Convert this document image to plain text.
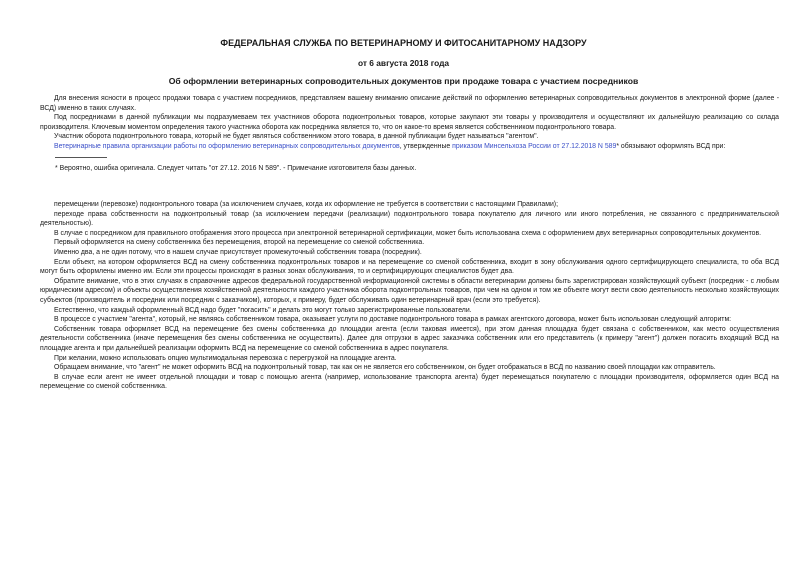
ФЕДЕРАЛЬНАЯ СЛУЖБА ПО ВЕТЕРИНАРНОМУ И ФИТОСАНИТАРНОМУ НАДЗОРУ
от 6 августа 2018 года
Об оформлении ветеринарных сопроводительных документов при продаже товара с участием посредников

Для внесения ясности в процесс продажи товара с участием посредников, представляем вашему вниманию описание действий по оформлению ветеринарных сопроводительных документов в электронной форме (далее - ВСД) именно в таких случаях.

Под посредниками в данной публикации мы подразумеваем тех участников оборота подконтрольных товаров, которые закупают эти товары у производителя и осуществляют их дальнейшую реализацию со склада производителя. Ключевым моментом определения такого участника оборота как посредника является то, что он какое-то время является собственником подконтрольного товара.

Участник оборота подконтрольного товара, который не будет являться собственником этого товара, в данной публикации будет называться "агентом".

Ветеринарные правила организации работы по оформлению ветеринарных сопроводительных документов, утвержденные приказом Минсельхоза России от 27.12.2018 N 589* обязывают оформлять ВСД при:

* Вероятно, ошибка оригинала. Следует читать "от 27.12. 2016 N 589". - Примечание изготовителя базы данных.

перемещении (перевозке) подконтрольного товара (за исключением случаев, когда их оформление не требуется в соответствии с настоящими Правилами);

переходе права собственности на подконтрольный товар (за исключением передачи (реализации) подконтрольного товара покупателю для личного или иного потребления, не связанного с предпринимательской деятельностью).

В случае с посредником для правильного отображения этого процесса при электронной ветеринарной сертификации, может быть использована схема с оформлением двух ветеринарных сопроводительных документов.

Первый оформляется на смену собственника без перемещения, второй на перемещение со сменой собственника.

Именно два, а не один потому, что в нашем случае присутствует промежуточный собственник товара (посредник).

Если объект, на котором оформляется ВСД на смену собственника подконтрольных товаров и на перемещение со сменой собственника, входит в зону обслуживания одного сертифицирующего специалиста, то оба ВСД могут быть оформлены именно им. Если эти процессы происходят в разных зонах обслуживания, то и сертифицирующих специалистов будет два.

Обратите внимание, что в этих случаях в справочнике адресов федеральной государственной информационной системы в области ветеринарии должны быть зарегистрирован хозяйствующий субъект (посредник - с любым юридическим адресом) и объекты осуществления хозяйственной деятельности каждого участника оборота подконтрольных товаров, при чем на одном и том же объекте могут вести свою деятельность несколько хозяйствующих субъектов (производитель и посредник или посредник с заказчиком), которых, к примеру, будет обслуживать один ветеринарный врач (если это требуется).

Естественно, что каждый оформленный ВСД надо будет "погасить" и делать это могут только зарегистрированные пользователи.

В процессе с участием "агента", который, не являясь собственником товара, оказывает услуги по доставке подконтрольного товара в рамках агентского договора, может быть использован следующий алгоритм:

Собственник товара оформляет ВСД на перемещение без смены собственника до площадки агента (если таковая имеется), при этом данная площадка будет связана с собственником, как место осуществления деятельности собственника (иначе перемещения без смены собственника не осуществить). Далее для отгрузки в адрес заказчика собственник или его представитель (к примеру "агент") должен погасить входящий ВСД на площадке агента и при дальнейшей реализации оформить ВСД на перемещение со сменой собственника в адрес покупателя.

При желании, можно использовать опцию мультимодальная перевозка с перегрузкой на площадке агента.

Обращаем внимание, что "агент" не может оформить ВСД на подконтрольный товар, так как он не является его собственником, он будет отображаться в ВСД по названию своей площадки как отправитель.

В случае если агент не имеет отдельной площадки и товар с помощью агента (например, использование транспорта агента) будет перемещаться покупателю с площадки производителя, оформляется один ВСД на перемещение со сменой собственника.
